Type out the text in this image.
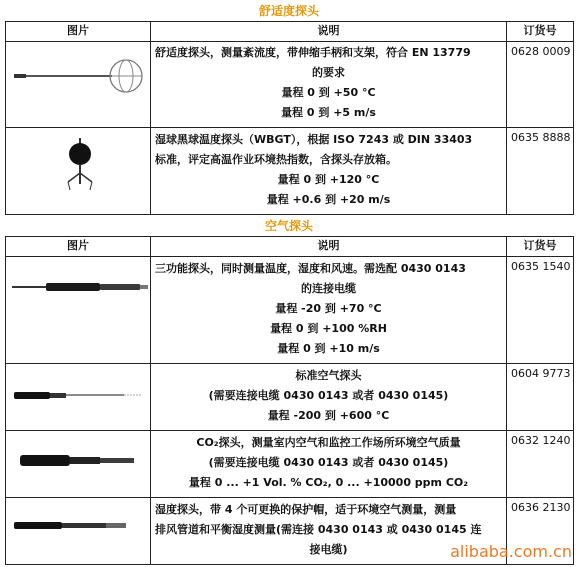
舒适度探头
图片	说明	订货号

舒适度探头，测量紊流度，带伸缩手柄和支架，符合 EN 13779
的要求
量程 0 到 +50 °C
量程 0 到 +5 m/s	0628 0009

湿球黑球温度探头（WBGT），根据 ISO 7243 或 DIN 33403
标准，评定高温作业环境热指数，含探头存放箱。
量程 0 到 +120 °C
量程 +0.6 到 +20 m/s	0635 8888
空气探头
图片	说明	订货号

三功能探头，同时测量温度，湿度和风速。需选配 0430 0143
的连接电缆
量程 -20 到 +70 °C
量程 0 到 +100 %RH
量程 0 到 +10 m/s	0635 1540

标准空气探头
(需要连接电缆 0430 0143 或者 0430 0145)
量程 -200 到 +600 °C	0604 9773

CO₂探头，测量室内空气和监控工作场所环境空气质量
(需要连接电缆 0430 0143 或者 0430 0145)
量程 0 ... +1 Vol. % CO₂, 0 ... +10000 ppm CO₂	0632 1240

湿度探头，带 4 个可更换的保护帽，适于环境空气测量，测量
排风管道和平衡湿度测量(需连接 0430 0143 或 0430 0145 连
接电缆)	0636 2130
alibaba.com.cn
